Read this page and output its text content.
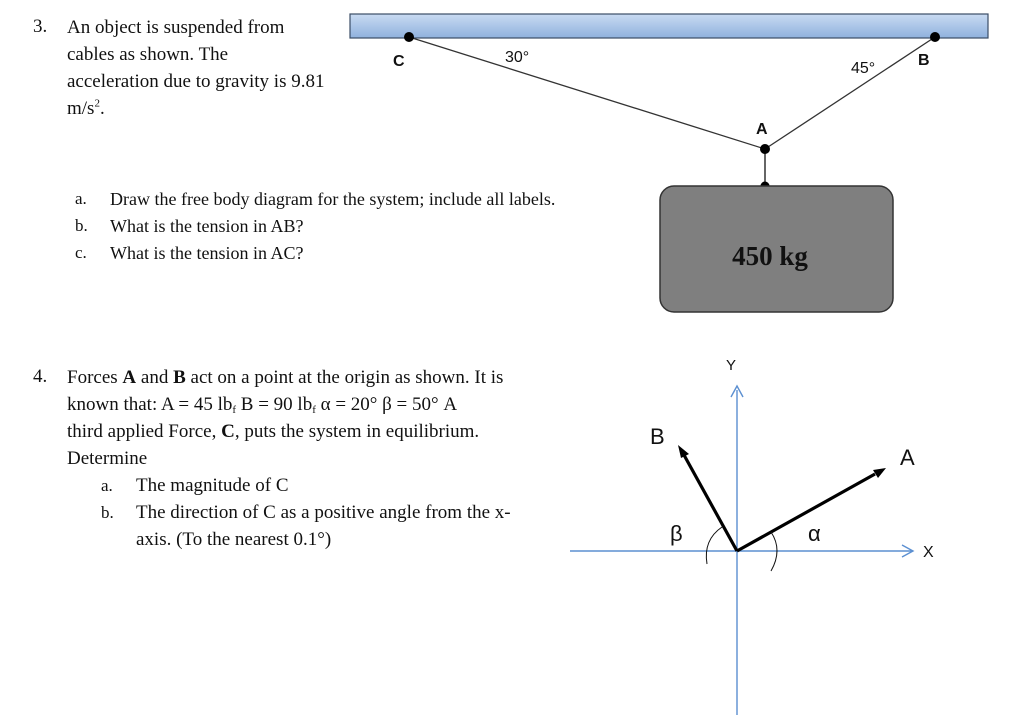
3. An object is suspended from
cables as shown. The
acceleration due to gravity is 9.81
$m/s^2$.
a. Draw the free body diagram for the system; include all labels.
b. What is the tension in AB?
c. What is the tension in AC?
C	B
A
30°
45°
450 kg
4. Forces A and B act on a point at the origin as shown. It is
known that: A = 45 $lb_f$ B = 90 $lb_f$ α = 20° β = 50° A
third applied Force, C, puts the system in equilibrium.
Determine
a. The magnitude of C
b. The direction of C as a positive angle from the x-
axis. (To the nearest 0.1°)
Y
X
A
B
α
β
